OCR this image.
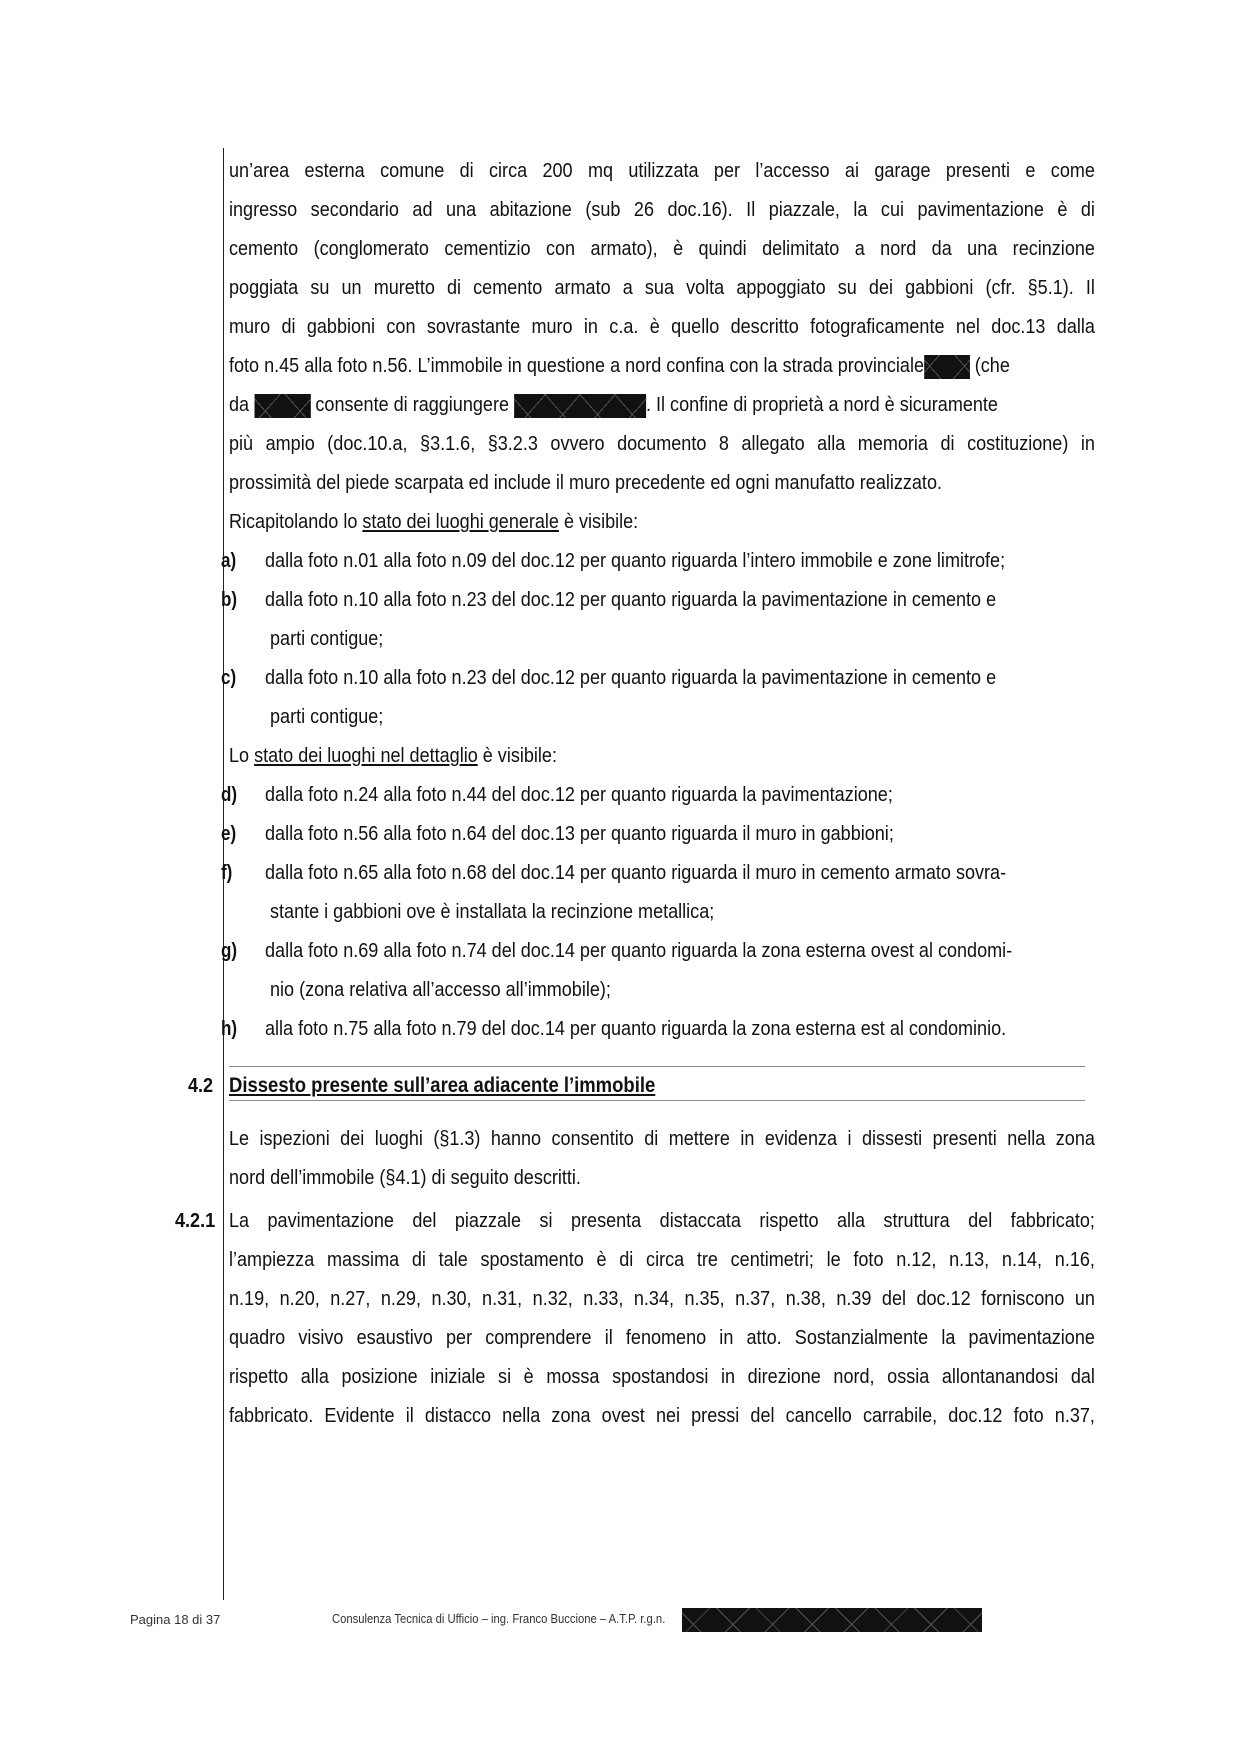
un’area esterna comune di circa 200 mq utilizzata per l’accesso ai garage presenti e come
ingresso secondario ad una abitazione (sub 26 doc.16). Il piazzale, la cui pavimentazione è di
cemento (conglomerato cementizio con armato), è quindi delimitato a nord da una recinzione
poggiata su un muretto di cemento armato a sua volta appoggiato su dei gabbioni (cfr. §5.1). Il
muro di gabbioni con sovrastante muro in c.a. è quello descritto fotograficamente nel doc.13 dalla
foto n.45 alla foto n.56. L’immobile in questione a nord confina con la strada provinciale (che
da	consente di raggiungere	. Il confine di proprietà a nord è sicuramente
più ampio (doc.10.a, §3.1.6, §3.2.3 ovvero documento 8 allegato alla memoria di costituzione) in
prossimità del piede scarpata ed include il muro precedente ed ogni manufatto realizzato.
Ricapitolando lo stato dei luoghi generale è visibile:
a) dalla foto n.01 alla foto n.09 del doc.12 per quanto riguarda l’intero immobile e zone limitrofe;
b) dalla foto n.10 alla foto n.23 del doc.12 per quanto riguarda la pavimentazione in cemento e
parti contigue;
c) dalla foto n.10 alla foto n.23 del doc.12 per quanto riguarda la pavimentazione in cemento e
parti contigue;
Lo stato dei luoghi nel dettaglio è visibile:
d) dalla foto n.24 alla foto n.44 del doc.12 per quanto riguarda la pavimentazione;
e) dalla foto n.56 alla foto n.64 del doc.13 per quanto riguarda il muro in gabbioni;
f) dalla foto n.65 alla foto n.68 del doc.14 per quanto riguarda il muro in cemento armato sovra-
stante i gabbioni ove è installata la recinzione metallica;
g) dalla foto n.69 alla foto n.74 del doc.14 per quanto riguarda la zona esterna ovest al condomi-
nio (zona relativa all’accesso all’immobile);
h) alla foto n.75 alla foto n.79 del doc.14 per quanto riguarda la zona esterna est al condominio.
4.2 Dissesto presente sull’area adiacente l’immobile
Le ispezioni dei luoghi (§1.3) hanno consentito di mettere in evidenza i dissesti presenti nella zona
nord dell’immobile (§4.1) di seguito descritti.
4.2.1 La pavimentazione del piazzale si presenta distaccata rispetto alla struttura del fabbricato;
l’ampiezza massima di tale spostamento è di circa tre centimetri; le foto n.12, n.13, n.14, n.16,
n.19, n.20, n.27, n.29, n.30, n.31, n.32, n.33, n.34, n.35, n.37, n.38, n.39 del doc.12 forniscono un
quadro visivo esaustivo per comprendere il fenomeno in atto. Sostanzialmente la pavimentazione
rispetto alla posizione iniziale si è mossa spostandosi in direzione nord, ossia allontanandosi dal
fabbricato. Evidente il distacco nella zona ovest nei pressi del cancello carrabile, doc.12 foto n.37,
Pagina 18 di 37	Consulenza Tecnica di Ufficio – ing. Franco Buccione – A.T.P. r.g.n.
